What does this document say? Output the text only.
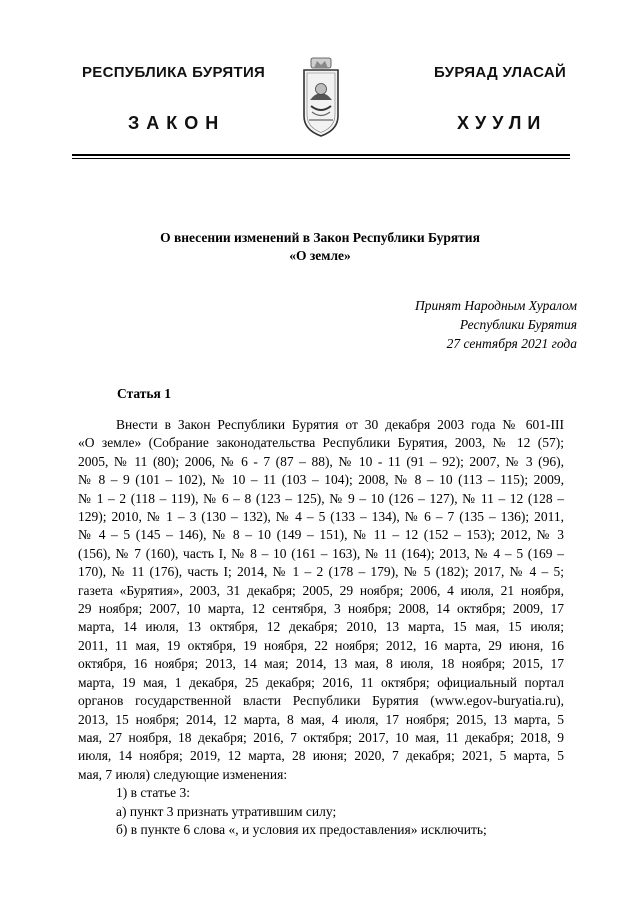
РЕСПУБЛИКА БУРЯТИЯ	БУРЯАД УЛАСАЙ
ЗАКОН	ХУУЛИ
О внесении изменений в Закон Республики Бурятия
«О земле»
Принят Народным Хуралом
Республики Бурятия
27 сентября 2021 года
Статья 1

Внести в Закон Республики Бурятия от 30 декабря 2003 года № 601-III
«О земле» (Собрание законодательства Республики Бурятия, 2003, № 12 (57);
2005, № 11 (80); 2006, № 6 - 7 (87 – 88), № 10 - 11 (91 – 92); 2007, № 3 (96),
№ 8 – 9 (101 – 102), № 10 – 11 (103 – 104); 2008, № 8 – 10 (113 – 115); 2009,
№ 1 – 2 (118 – 119), № 6 – 8 (123 – 125), № 9 – 10 (126 – 127), № 11 – 12 (128 –
129); 2010, № 1 – 3 (130 – 132), № 4 – 5 (133 – 134), № 6 – 7 (135 – 136); 2011,
№ 4 – 5 (145 – 146), № 8 – 10 (149 – 151), № 11 – 12 (152 – 153); 2012, № 3
(156), № 7 (160), часть I, № 8 – 10 (161 – 163), № 11 (164); 2013, № 4 – 5 (169 –
170), № 11 (176), часть I; 2014, № 1 – 2 (178 – 179), № 5 (182); 2017, № 4 – 5;
газета «Бурятия», 2003, 31 декабря; 2005, 29 ноября; 2006, 4 июля, 21 ноября,
29 ноября; 2007, 10 марта, 12 сентября, 3 ноября; 2008, 14 октября; 2009, 17
марта, 14 июля, 13 октября, 12 декабря; 2010, 13 марта, 15 мая, 15 июля;
2011, 11 мая, 19 октября, 19 ноября, 22 ноября; 2012, 16 марта, 29 июня, 16
октября, 16 ноября; 2013, 14 мая; 2014, 13 мая, 8 июля, 18 ноября; 2015, 17
марта, 19 мая, 1 декабря, 25 декабря; 2016, 11 октября; официальный портал
органов государственной власти Республики Бурятия (www.egov-buryatia.ru),
2013, 15 ноября; 2014, 12 марта, 8 мая, 4 июля, 17 ноября; 2015, 13 марта, 5
мая, 27 ноября, 18 декабря; 2016, 7 октября; 2017, 10 мая, 11 декабря; 2018, 9
июля, 14 ноября; 2019, 12 марта, 28 июня; 2020, 7 декабря; 2021, 5 марта, 5
мая, 7 июля) следующие изменения:

1) в статье 3:
а) пункт 3 признать утратившим силу;
б) в пункте 6 слова «, и условия их предоставления» исключить;
